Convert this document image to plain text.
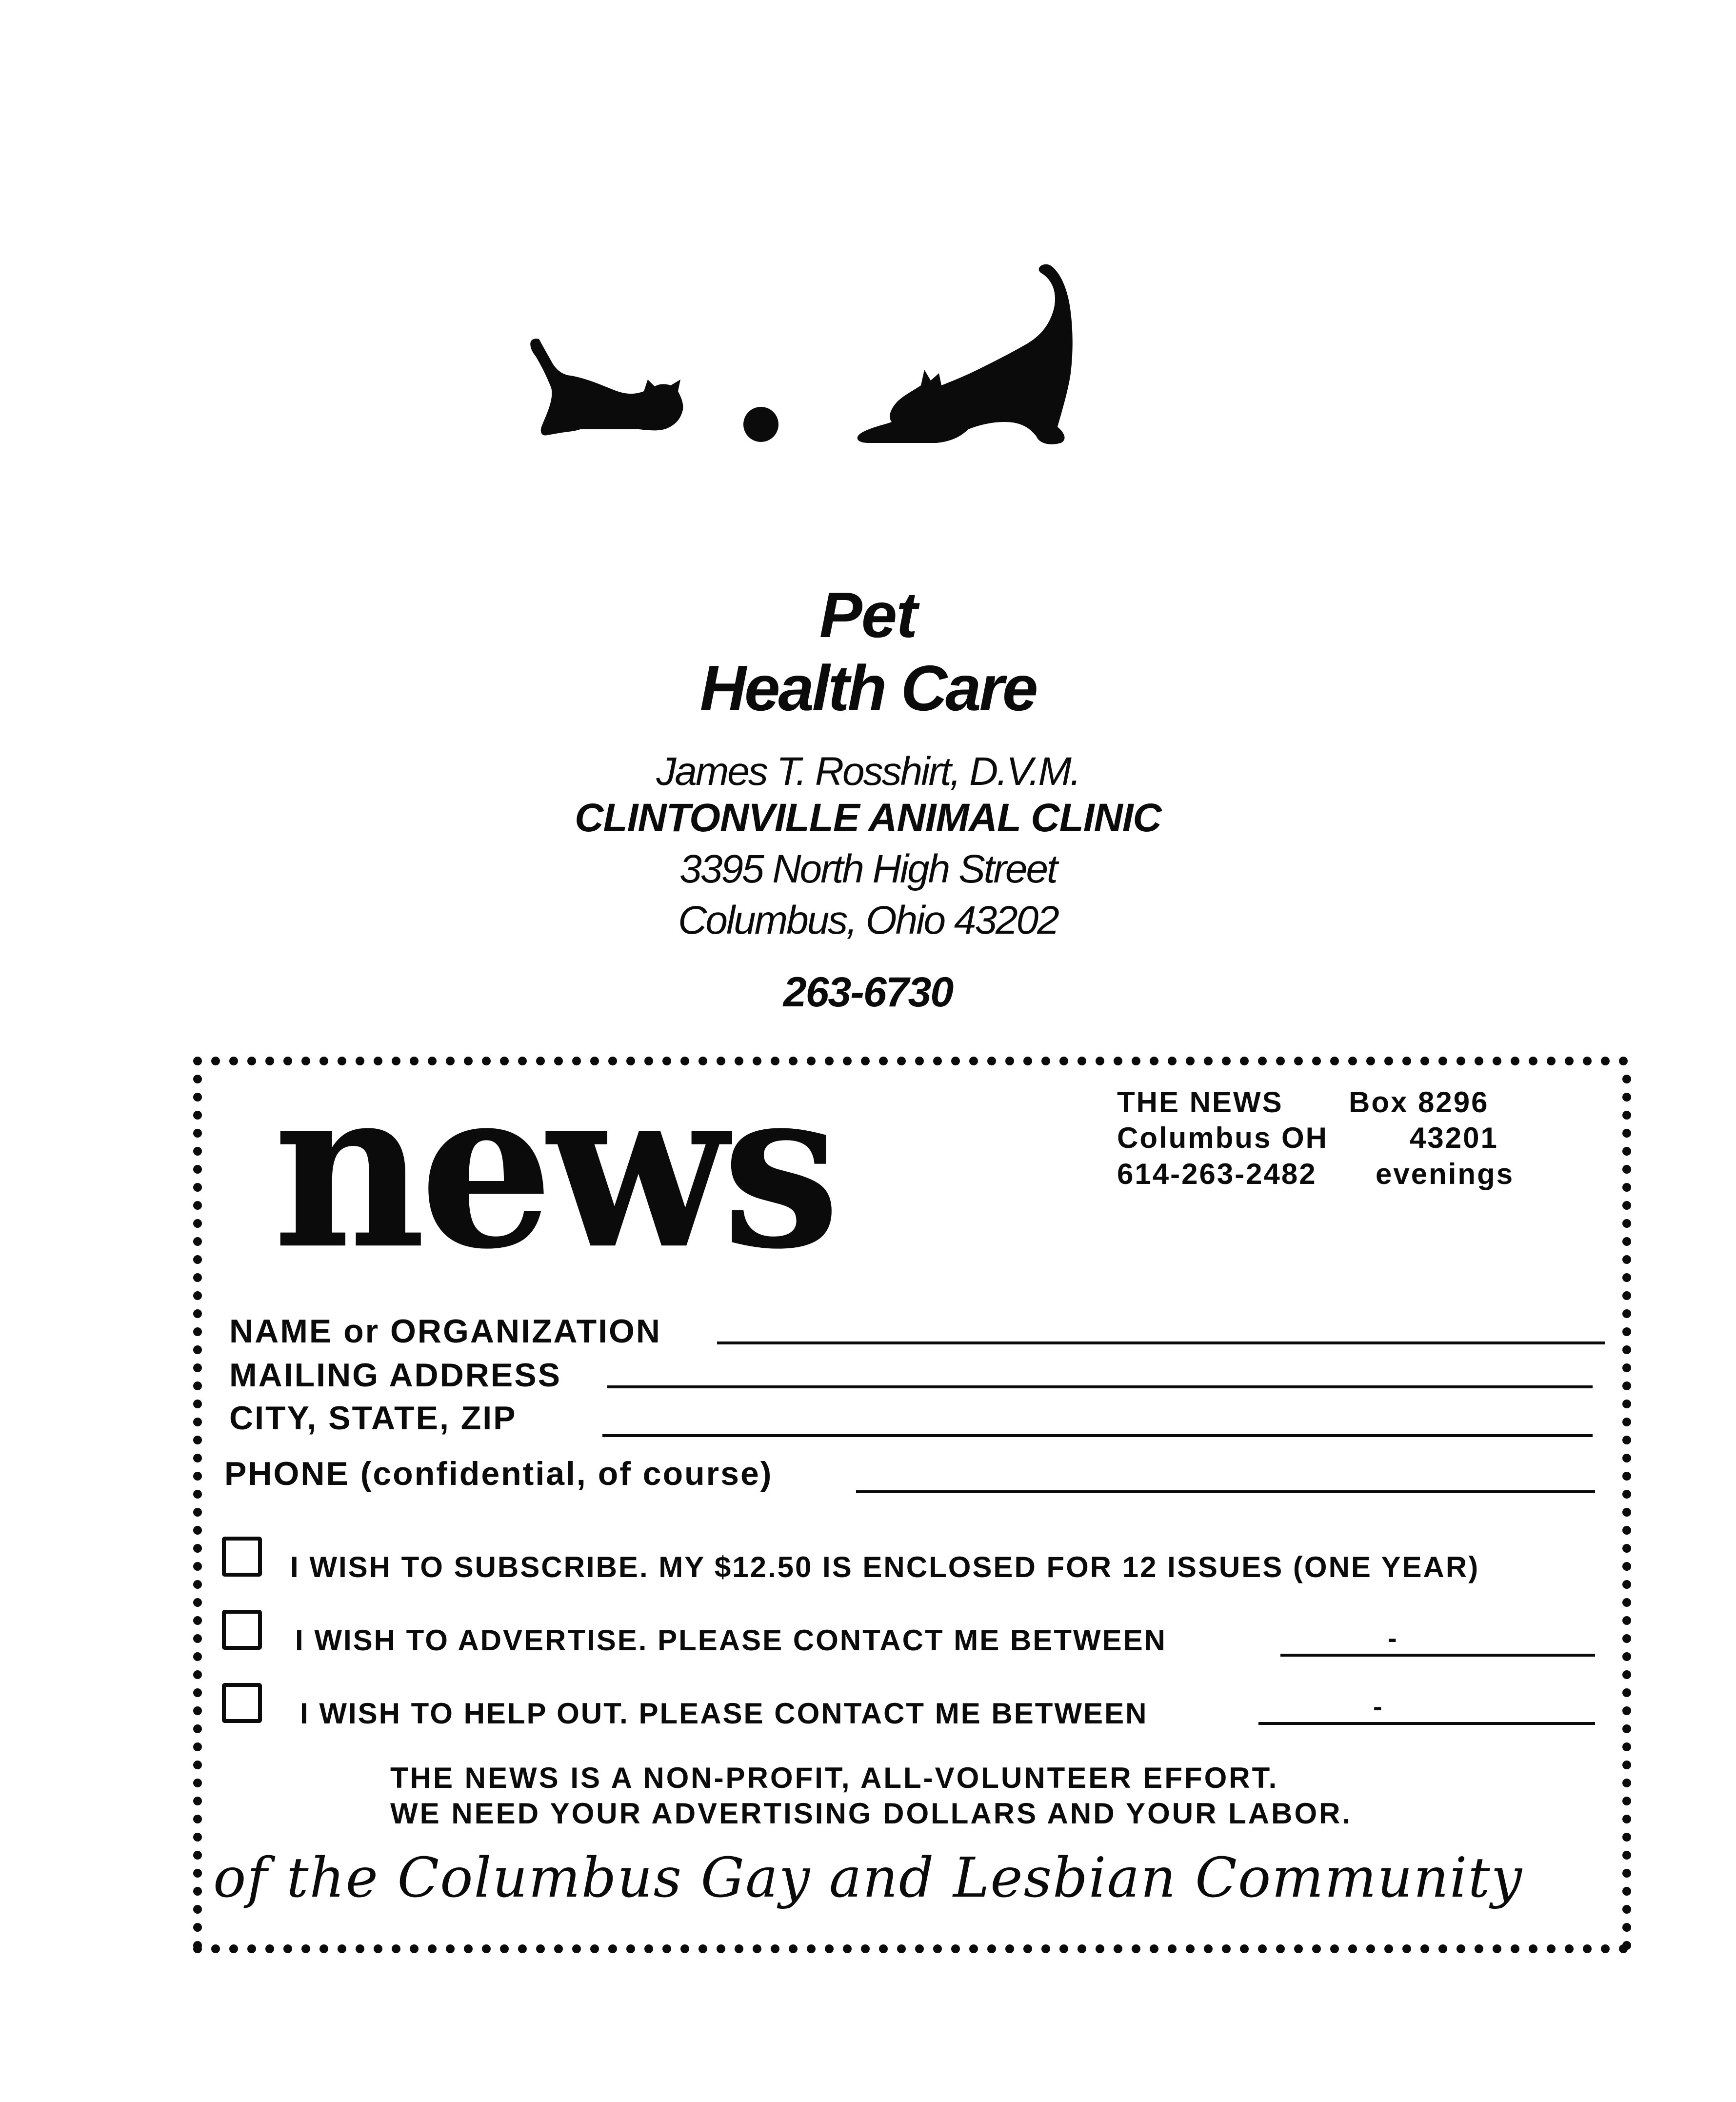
Pet
Health Care
James T. Rosshirt, D.V.M.
CLINTONVILLE ANIMAL CLINIC
3395 North High Street
Columbus, Ohio 43202
263-6730
news	THE NEWS Box 8296
Columbus OH	43201
614-263-2482 evenings
NAME or ORGANIZATION
MAILING ADDRESS
CITY, STATE, ZIP
PHONE (confidential, of course)
I WISH TO SUBSCRIBE. MY $12.50 IS ENCLOSED FOR 12 ISSUES (ONE YEAR)
I WISH TO ADVERTISE. PLEASE CONTACT ME BETWEEN	-
I WISH TO HELP OUT. PLEASE CONTACT ME BETWEEN	-
THE NEWS IS A NON-PROFIT, ALL-VOLUNTEER EFFORT.
WE NEED YOUR ADVERTISING DOLLARS AND YOUR LABOR.
of the Columbus Gay and Lesbian Community
